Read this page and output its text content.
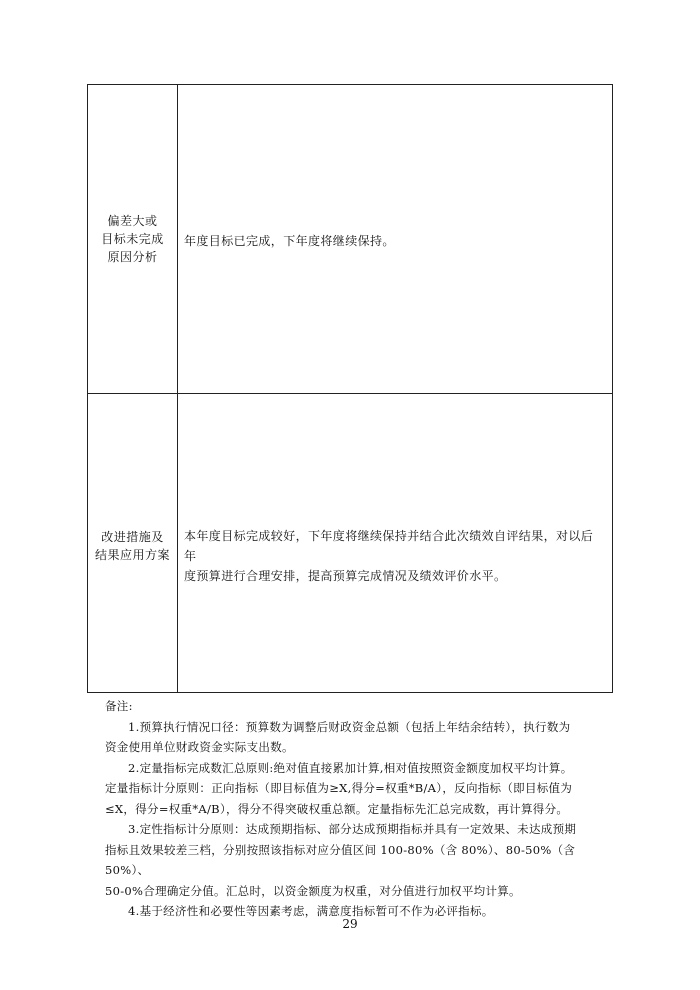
偏差大或
目标未完成
原因分析
年度目标已完成，下年度将继续保持。
改进措施及
结果应用方案
本年度目标完成较好，下年度将继续保持并结合此次绩效自评结果，对以后年
度预算进行合理安排，提高预算完成情况及绩效评价水平。

备注:

1.预算执行情况口径：预算数为调整后财政资金总额（包括上年结余结转），执行数为

资金使用单位财政资金实际支出数。

2.定量指标完成数汇总原则:绝对值直接累加计算,相对值按照资金额度加权平均计算。

定量指标计分原则：正向指标（即目标值为≥X,得分=权重*B/A），反向指标（即目标值为

≤X，得分=权重*A/B），得分不得突破权重总额。定量指标先汇总完成数，再计算得分。

3.定性指标计分原则：达成预期指标、部分达成预期指标并具有一定效果、未达成预期

指标且效果较差三档，分别按照该指标对应分值区间 100-80%（含 80%）、80-50%（含 50%）、

50-0%合理确定分值。汇总时，以资金额度为权重，对分值进行加权平均计算。

4.基于经济性和必要性等因素考虑，满意度指标暂可不作为必评指标。

29
